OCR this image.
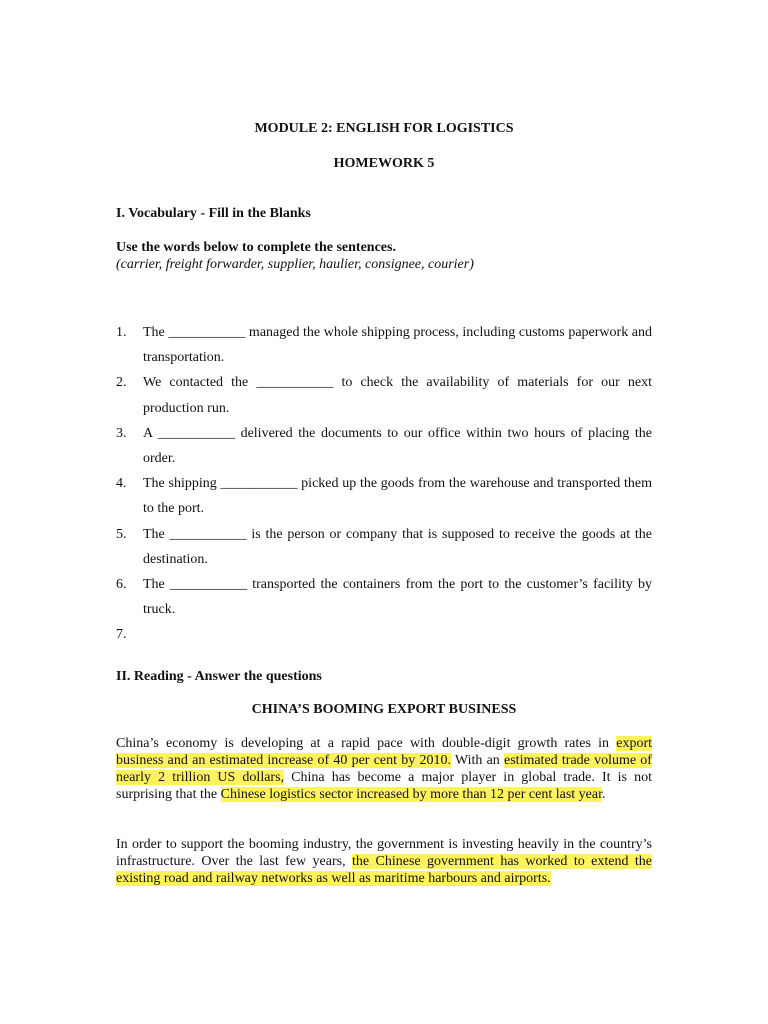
MODULE 2: ENGLISH FOR LOGISTICS

HOMEWORK 5

I. Vocabulary - Fill in the Blanks

Use the words below to complete the sentences.

(carrier, freight forwarder, supplier, haulier, consignee, courier)

1. The ___________ managed the whole shipping process, including customs paperwork and transportation.
2. We contacted the ___________ to check the availability of materials for our next production run.
3. A ___________ delivered the documents to our office within two hours of placing the order.
4. The shipping ___________ picked up the goods from the warehouse and transported them to the port.
5. The ___________ is the person or company that is supposed to receive the goods at the destination.
6. The ___________ transported the containers from the port to the customer’s facility by truck.
7.

II. Reading - Answer the questions

CHINA’S BOOMING EXPORT BUSINESS

China’s economy is developing at a rapid pace with double-digit growth rates in export business and an estimated increase of 40 per cent by 2010. With an estimated trade volume of nearly 2 trillion US dollars, China has become a major player in global trade. It is not surprising that the Chinese logistics sector increased by more than 12 per cent last year.

In order to support the booming industry, the government is investing heavily in the country’s infrastructure. Over the last few years, the Chinese government has worked to extend the existing road and railway networks as well as maritime harbours and airports.
